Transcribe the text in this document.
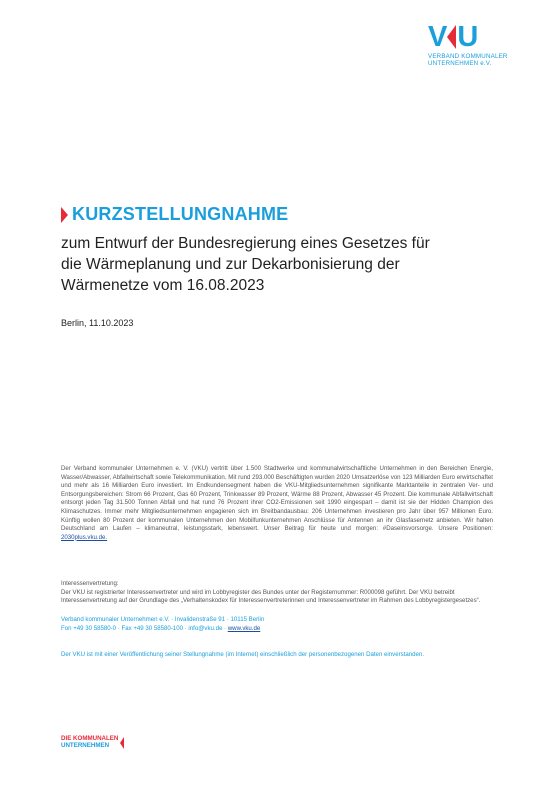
V U
VERBAND KOMMUNALER
UNTERNEHMEN e.V.
KURZSTELLUNGNAHME
zum Entwurf der Bundesregierung eines Gesetzes für die Wärmeplanung und zur Dekarbonisierung der Wärmenetze vom 16.08.2023
Berlin, 11.10.2023

Der Verband kommunaler Unternehmen e. V. (VKU) vertritt über 1.500 Stadtwerke und kommunalwirtschaftliche Unternehmen in den Bereichen Energie, Wasser/Abwasser, Abfallwirtschaft sowie Telekommunikation. Mit rund 293.000 Beschäftigten wurden 2020 Umsatzerlöse von 123 Milliarden Euro erwirtschaftet und mehr als 16 Milliarden Euro investiert. Im Endkundensegment haben die VKU-Mitgliedsunternehmen signifikante Marktanteile in zentralen Ver- und Entsorgungsbereichen: Strom 66 Prozent, Gas 60 Prozent, Trinkwasser 89 Prozent, Wärme 88 Prozent, Abwasser 45 Prozent. Die kommunale Abfallwirtschaft entsorgt jeden Tag 31.500 Tonnen Abfall und hat rund 76 Prozent ihrer CO2-Emissionen seit 1990 eingespart – damit ist sie der Hidden Champion des Klimaschutzes. Immer mehr Mitgliedsunternehmen engagieren sich im Breitbandausbau: 206 Unternehmen investieren pro Jahr über 957 Millionen Euro. Künftig wollen 80 Prozent der kommunalen Unternehmen den Mobilfunkunternehmen Anschlüsse für Antennen an ihr Glasfasernetz anbieten. Wir halten Deutschland am Laufen – klimaneutral, leistungsstark, lebenswert. Unser Beitrag für heute und morgen: #Daseinsvorsorge. Unsere Positionen: 2030plus.vku.de.

Interessenvertretung:

Der VKU ist registrierter Interessenvertreter und wird im Lobbyregister des Bundes unter der Registernummer: R000098 geführt. Der VKU betreibt Interessenvertretung auf der Grundlage des „Verhaltenskodex für Interessenvertreterinnen und Interessenvertreter im Rahmen des Lobbyregistergesetzes“.

Verband kommunaler Unternehmen e.V. · Invalidenstraße 91 · 10115 Berlin

Fon +49 30 58580-0 · Fax +49 30 58580-100 · info@vku.de · www.vku.de

Der VKU ist mit einer Veröffentlichung seiner Stellungnahme (im Internet) einschließlich der personenbezogenen Daten einverstanden.

DIE KOMMUNALEN
UNTERNEHMEN
